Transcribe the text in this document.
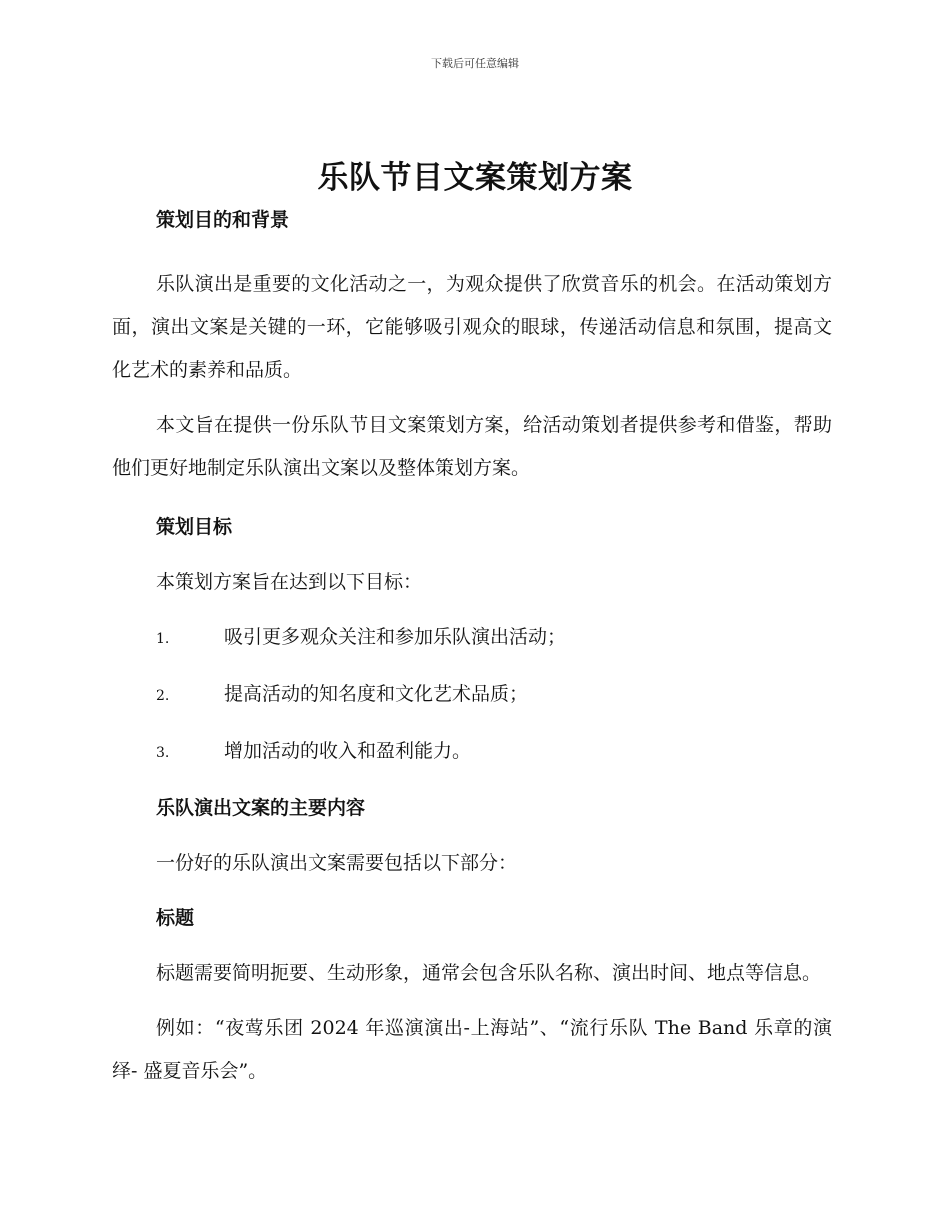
下载后可任意编辑
乐队节目文案策划方案
策划目的和背景

乐队演出是重要的文化活动之一，为观众提供了欣赏音乐的机会。在活动策划方面，演出文案是关键的一环，它能够吸引观众的眼球，传递活动信息和氛围，提高文化艺术的素养和品质。

本文旨在提供一份乐队节目文案策划方案，给活动策划者提供参考和借鉴，帮助他们更好地制定乐队演出文案以及整体策划方案。

策划目标
本策划方案旨在达到以下目标：
1.	吸引更多观众关注和参加乐队演出活动；
2.	提高活动的知名度和文化艺术品质；
3.	增加活动的收入和盈利能力。
乐队演出文案的主要内容
一份好的乐队演出文案需要包括以下部分：
标题

标题需要简明扼要、生动形象，通常会包含乐队名称、演出时间、地点等信息。

例如：“夜莺乐团 2024 年巡演演出-上海站”、“流行乐队 The Band 乐章的演绎- 盛夏音乐会”。
